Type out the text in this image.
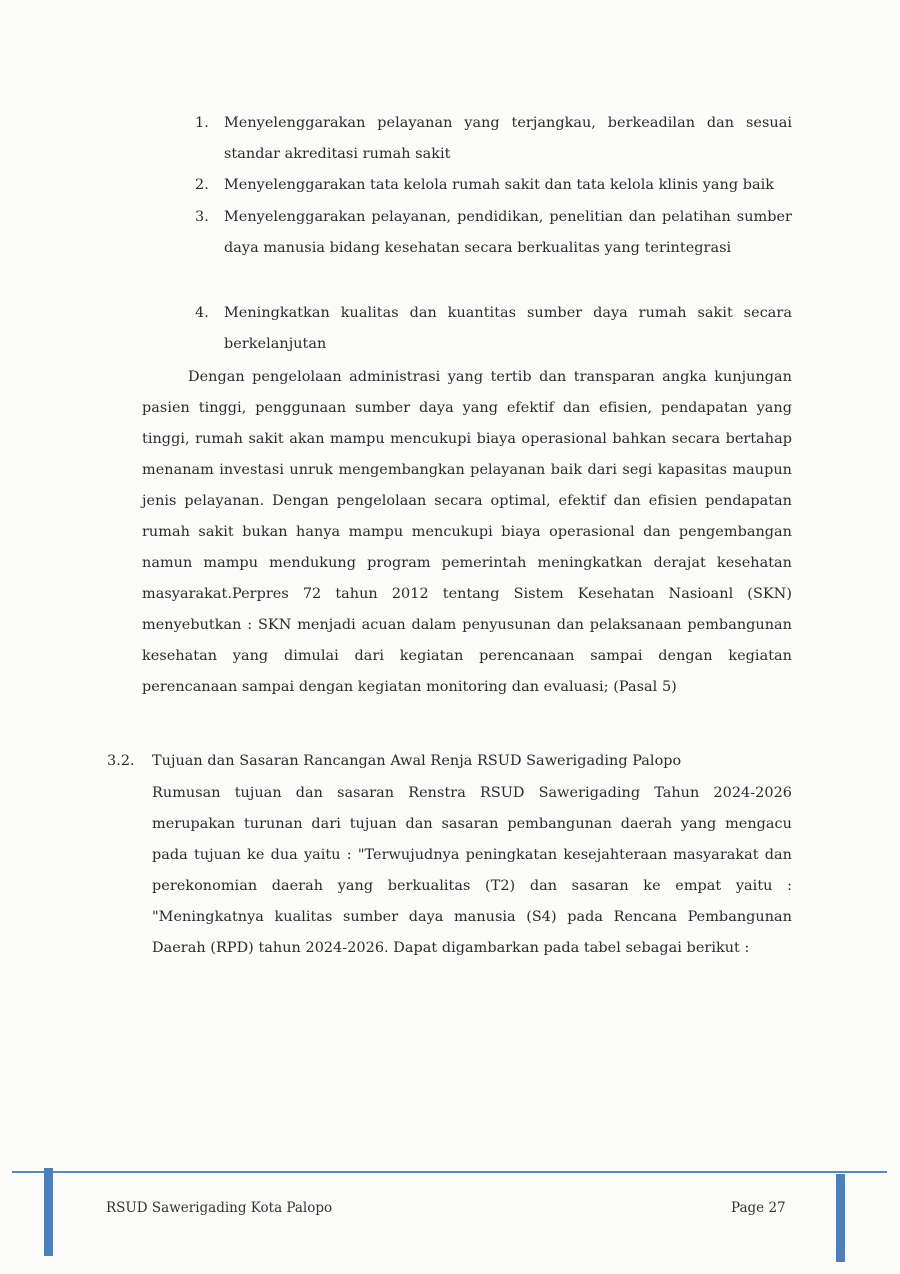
1. Menyelenggarakan pelayanan yang terjangkau, berkeadilan dan sesuai standar akreditasi rumah sakit
2. Menyelenggarakan tata kelola rumah sakit dan tata kelola klinis yang baik
3. Menyelenggarakan pelayanan, pendidikan, penelitian dan pelatihan sumber daya manusia bidang kesehatan secara berkualitas yang terintegrasi
4. Meningkatkan kualitas dan kuantitas sumber daya rumah sakit secara berkelanjutan
Dengan pengelolaan administrasi yang tertib dan transparan angka kunjungan pasien tinggi, penggunaan sumber daya yang efektif dan efisien, pendapatan yang tinggi, rumah sakit akan mampu mencukupi biaya operasional bahkan secara bertahap menanam investasi unruk mengembangkan pelayanan baik dari segi kapasitas maupun jenis pelayanan. Dengan pengelolaan secara optimal, efektif dan efisien pendapatan rumah sakit bukan hanya mampu mencukupi biaya operasional dan pengembangan namun mampu mendukung program pemerintah meningkatkan derajat kesehatan masyarakat.Perpres 72 tahun 2012 tentang Sistem Kesehatan Nasioanl (SKN) menyebutkan : SKN menjadi acuan dalam penyusunan dan pelaksanaan pembangunan kesehatan yang dimulai dari kegiatan perencanaan sampai dengan kegiatan perencanaan sampai dengan kegiatan monitoring dan evaluasi; (Pasal 5)
3.2. Tujuan dan Sasaran Rancangan Awal Renja RSUD Sawerigading Palopo
Rumusan tujuan dan sasaran Renstra RSUD Sawerigading Tahun 2024-2026 merupakan turunan dari tujuan dan sasaran pembangunan daerah yang mengacu pada tujuan ke dua yaitu : "Terwujudnya peningkatan kesejahteraan masyarakat dan perekonomian daerah yang berkualitas (T2) dan sasaran ke empat yaitu : "Meningkatnya kualitas sumber daya manusia (S4) pada Rencana Pembangunan Daerah (RPD) tahun 2024-2026. Dapat digambarkan pada tabel sebagai berikut :
RSUD Sawerigading Kota Palopo	Page 27
